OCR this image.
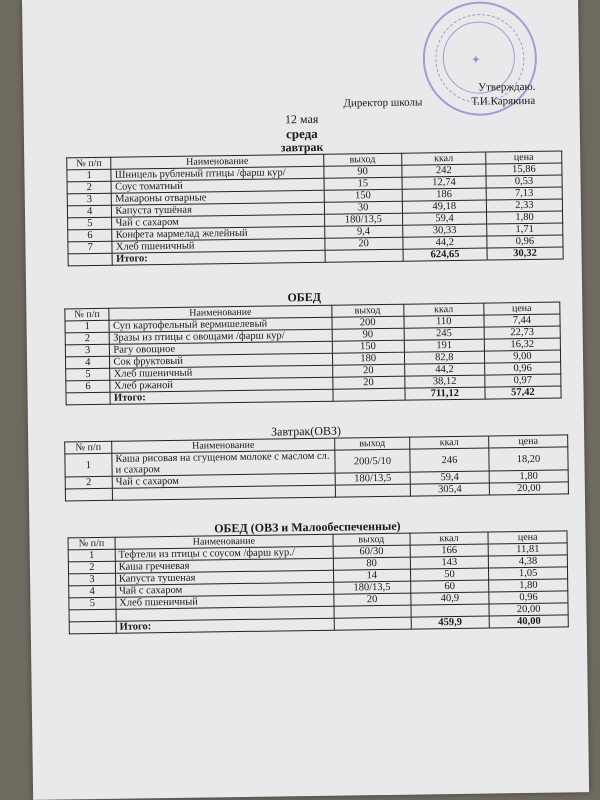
✦
Утверждаю.
Директор школы	Т.И.Карякина
12 мая
среда
завтрак
№ п/п	Наименование	выход	ккал	цена
1	Шницель рубленый птицы /фарш кур/	90	242	15,86
2	Соус томатный	15	12,74	0,53
3	Макароны отварные	150	186	7,13
4	Капуста тушёная	30	49,18	2,33
5	Чай с сахаром	180/13,5	59,4	1,80
6	Конфета мармелад желейный	9,4	30,33	1,71
7	Хлеб пшеничный	20	44,2	0,96
	Итого:		624,65	30,32
ОБЕД
№ п/п	Наименование	выход	ккал	цена
1	Суп картофельный вермишелевый	200	110	7,44
2	Зразы из птицы с овощами /фарш кур/	90	245	22,73
3	Рагу овощное	150	191	16,32
4	Сок фруктовый	180	82,8	9,00
5	Хлеб пшеничный	20	44,2	0,96
6	Хлеб ржаной	20	38,12	0,97
	Итого:		711,12	57,42
Завтрак(ОВЗ)
№ п/п	Наименование	выход	ккал	цена
1	Каша рисовая на сгущеном молоке с маслом сл. и сахаром	200/5/10	246	18,20
2	Чай с сахаром	180/13,5	59,4	1,80
			305,4	20,00
ОБЕД (ОВЗ и Малообеспеченные)
№ п/п	Наименование	выход	ккал	цена
1	Тефтели из птицы с соусом /фарш кур./	60/30	166	11,81
2	Каша гречневая	80	143	4,38
3	Капуста тушеная	14	50	1,05
4	Чай с сахаром	180/13,5	60	1,80
5	Хлеб пшеничный	20	40,9	0,96
				20,00
	Итого:		459,9	40,00
